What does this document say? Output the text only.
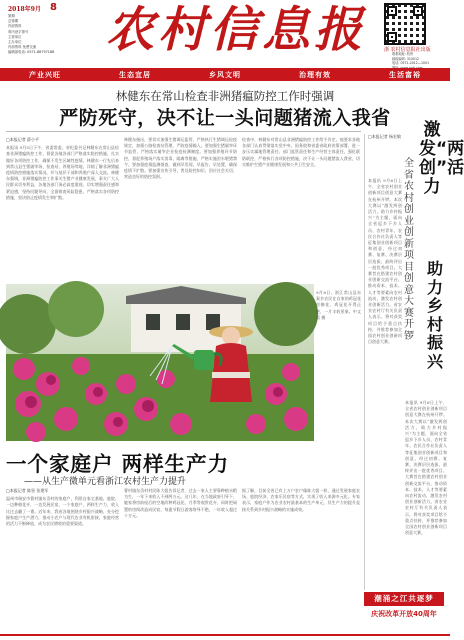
2018年9月 8
第期
总第期
内部资料
粤内登字第号
主管单位
主办单位
内部资料 免费交流
编辑部电话: 0571-86797188 农村信息报	浙 农村信息报社出版
联系地址: 杭州
邮政编码: 310012
电话: 0571-2012—1001
产业兴旺	生态宜居	乡风文明	治理有效	生活富裕
林健东在常山检查非洲猪瘟防控工作时强调
严防死守，决不让一头问题猪流入我省
□本报记者 薛小平
本报讯 9月5日下午，省委常委、省纪委书记林健东在常山县检查非洲猪瘟防控工作，督促各地各部门严格落实防控措施，扎实做好各项防控工作，确保不发生区域性疫情。林健东一行先后来到常山县生猪屠宰场、检查站、养殖场等地，详细了解非洲猪瘟疫情防控措施落实情况，并与基层干部和养殖户深入交流。林健东强调，非洲猪瘟防控工作事关生猪产业健康发展，事关广大人民群众切身利益，各地各部门务必高度重视，切实增强责任感和紧迫感，坚持问题导向，全面排查风险隐患，严格落实各项防控措施，坚决防止疫情发生和扩散。
林健东指出，要切实加强生猪调运监管，严格执行生猪调运检疫规定，加强公路检查站管理，严防疫情输入。要加强生猪屠宰环节监管，严格落实屠宰企业检疫检测制度。要加强养殖环节防控，督促养殖场户落实消毒、隔离等措施，严格实施泔水喂猪禁令。要加强疫情监测排查，做到早发现、早报告、早处置，确保疫情不扩散。要加强宣传引导，普及防控知识，回应社会关切，营造良好的防控氛围。
检查中，林健东对常山县非洲猪瘟防控工作给予肯定，他要求各地各部门认真贯彻落实党中央、国务院和省委省政府决策部署，进一步压实属地管理责任、部门监管责任和生产经营主体责任，强化联防联控，严格执行各项防控措施，决不让一头问题猪流入我省，切实维护生猪产业健康发展和公共卫生安全。
9月8日，浙江常山县东案乡农民在自家的鸡冠花里摘花，鸡冠花开得正艳，一片丰收景象。中文版 摄
一个家庭户 两样生产力
——从生产微单元看浙江农村生产力提升
□本报记者 陈坚 张建军
温州市瑞安市曹村镇东岙村的家庭户，利用自家宅基地、庭院，一边种植花卉，一边发展民宿，一个家庭户，两样生产力，收入比过去翻了一番。近年来，我省各地围绕乡村振兴战略，充分挖掘家庭户生产潜力，推动小农户与现代农业有机衔接，家庭经营的活力不断释放，成为农民增收的重要渠道。
曹村镇东岙村村民陈大姐告诉记者，过去一家人主要靠种植水稻为生，一年下来收入不到两万元。这几年，在当地政府引导下，她家将房前屋后的空地改种鸡冠花、月季等观赏花卉，同时把闲置的房间改造成民宿，每逢节假日游客络绎不绝，一年收入超过十万元。
据了解，目前全省已有上万户农户像陈大姐一样，通过发展家庭农场、庭院经济、农家乐民宿等方式，实现了收入来源多元化。专家表示，家庭户作为农业农村最基本的生产单元，其生产力的提升直接关系到乡村振兴战略的实施成效。
□本报记者 杨宏敏
全省农村创业创新项目创意大赛开锣
激发“两创”活力
助力乡村振兴
本报讯 9月6日上午，全省农村创业创新项目创意大赛在杭州开锣。本次大赛以“激发两创活力，助力乡村振兴”为主题，面向全省返乡下乡人员、农村青年、农民合作社负责人等征集创业创新项目和创意，经过初赛、复赛、决赛层层选拔，最终评出一批优秀项目。大赛旨在搭建农村创业创新交流平台，推动资本、技术、人才等要素向农村流动，激发农村创业创新活力。省农业农村厅有关负责人表示，将对获奖项目给予重点扶持，并推荐参加全国农村创业创新项目创意大赛。
本报讯 9月6日上午，全省农村创业创新项目创意大赛在杭州开锣。本次大赛以“激发两创活力，助力乡村振兴”为主题，面向全省返乡下乡人员、农村青年、农民合作社负责人等征集创业创新项目和创意，经过初赛、复赛、决赛层层选拔，最终评出一批优秀项目。大赛旨在搭建农村创业创新交流平台，推动资本、技术、人才等要素向农村流动，激发农村创业创新活力。省农业农村厅有关负责人表示，将对获奖项目给予重点扶持，并推荐参加全国农村创业创新项目创意大赛。
潮涌之江共逐梦
庆祝改革开放40周年
